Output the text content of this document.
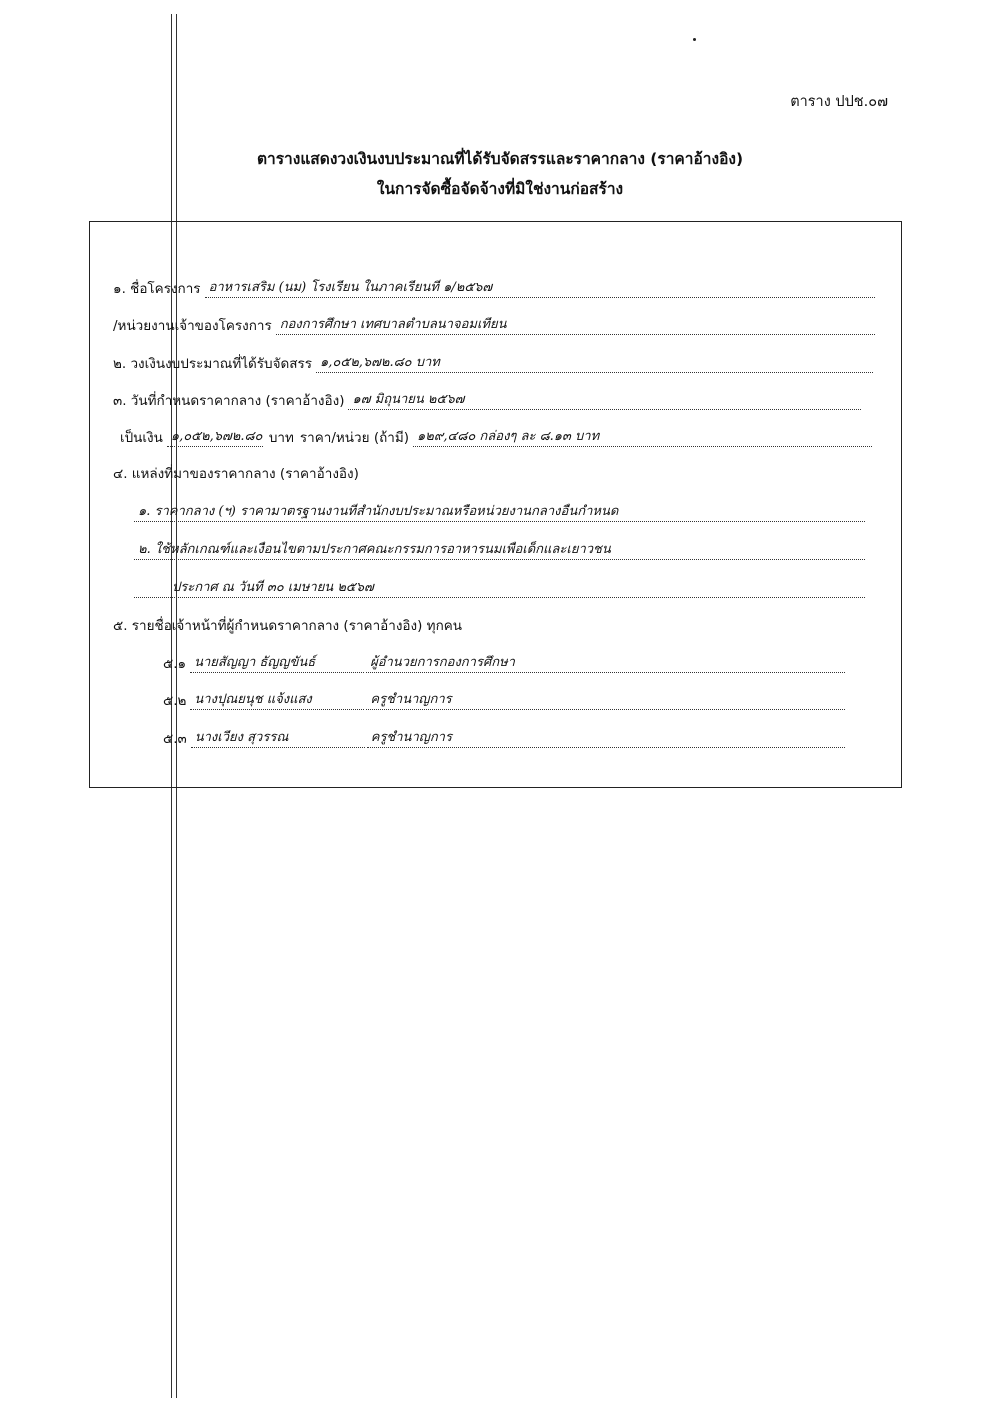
ตาราง ปปช.๐๗
ตารางแสดงวงเงินงบประมาณที่ได้รับจัดสรรและราคากลาง (ราคาอ้างอิง)
ในการจัดซื้อจัดจ้างที่มิใช่งานก่อสร้าง
๑. ชื่อโครงการ อาหารเสริม (นม) โรงเรียน ในภาคเรียนที่ ๑/๒๕๖๗
/หน่วยงานเจ้าของโครงการ กองการศึกษา เทศบาลตำบลนาจอมเทียน
๒. วงเงินงบประมาณที่ได้รับจัดสรร ๑,๐๕๒,๖๗๒.๘๐ บาท
๓. วันที่กำหนดราคากลาง (ราคาอ้างอิง) ๑๗ มิถุนายน ๒๕๖๗
เป็นเงิน ๑,๐๕๒,๖๗๒.๘๐ บาท ราคา/หน่วย (ถ้ามี) ๑๒๙,๔๘๐ กล่องๆ ละ ๘.๑๓ บาท
๔. แหล่งที่มาของราคากลาง (ราคาอ้างอิง)
๑. ราคากลาง (ฯ) ราคามาตรฐานงานที่สำนักงบประมาณหรือหน่วยงานกลางอื่นกำหนด
๒. ใช้หลักเกณฑ์และเงื่อนไขตามประกาศคณะกรรมการอาหารนมเพื่อเด็กและเยาวชน
ประกาศ ณ วันที่ ๓๐ เมษายน ๒๕๖๗
๕. รายชื่อเจ้าหน้าที่ผู้กำหนดราคากลาง (ราคาอ้างอิง) ทุกคน
๕.๑ นายสัญญา ธัญญขันธ์	ผู้อำนวยการกองการศึกษา
๕.๒ นางปุณยนุช แจ้งแสง	ครูชำนาญการ
๕.๓ นางเวียง สุวรรณ	ครูชำนาญการ
